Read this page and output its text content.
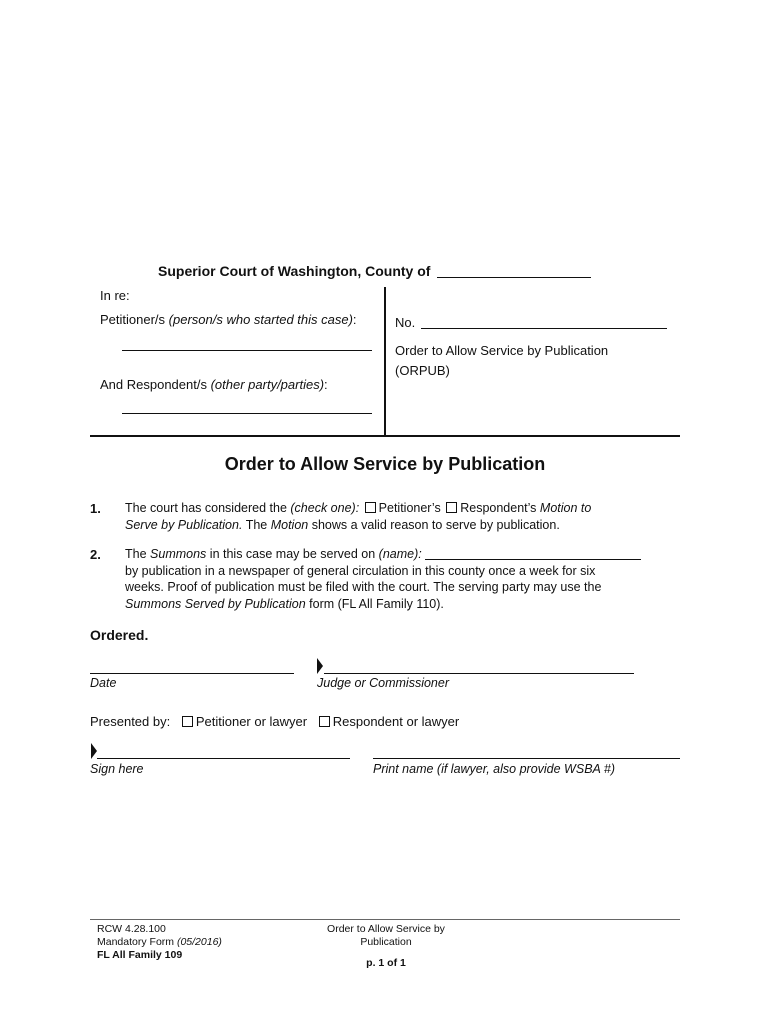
Superior Court of Washington, County of
In re:
Petitioner/s (person/s who started this case):
And Respondent/s (other party/parties):
No.
Order to Allow Service by Publication
(ORPUB)
Order to Allow Service by Publication
1. The court has considered the (check one): Petitioner’s Respondent’s Motion to
Serve by Publication. The Motion shows a valid reason to serve by publication.
2. The Summons in this case may be served on (name):
by publication in a newspaper of general circulation in this county once a week for six
weeks. Proof of publication must be filed with the court. The serving party may use the
Summons Served by Publication form (FL All Family 110).
Ordered.
Date	Judge or Commissioner
Presented by: Petitioner or lawyer Respondent or lawyer
Sign here	Print name (if lawyer, also provide WSBA #)
RCW 4.28.100
Mandatory Form (05/2016)
FL All Family 109
Order to Allow Service by
Publication
p. 1 of 1
